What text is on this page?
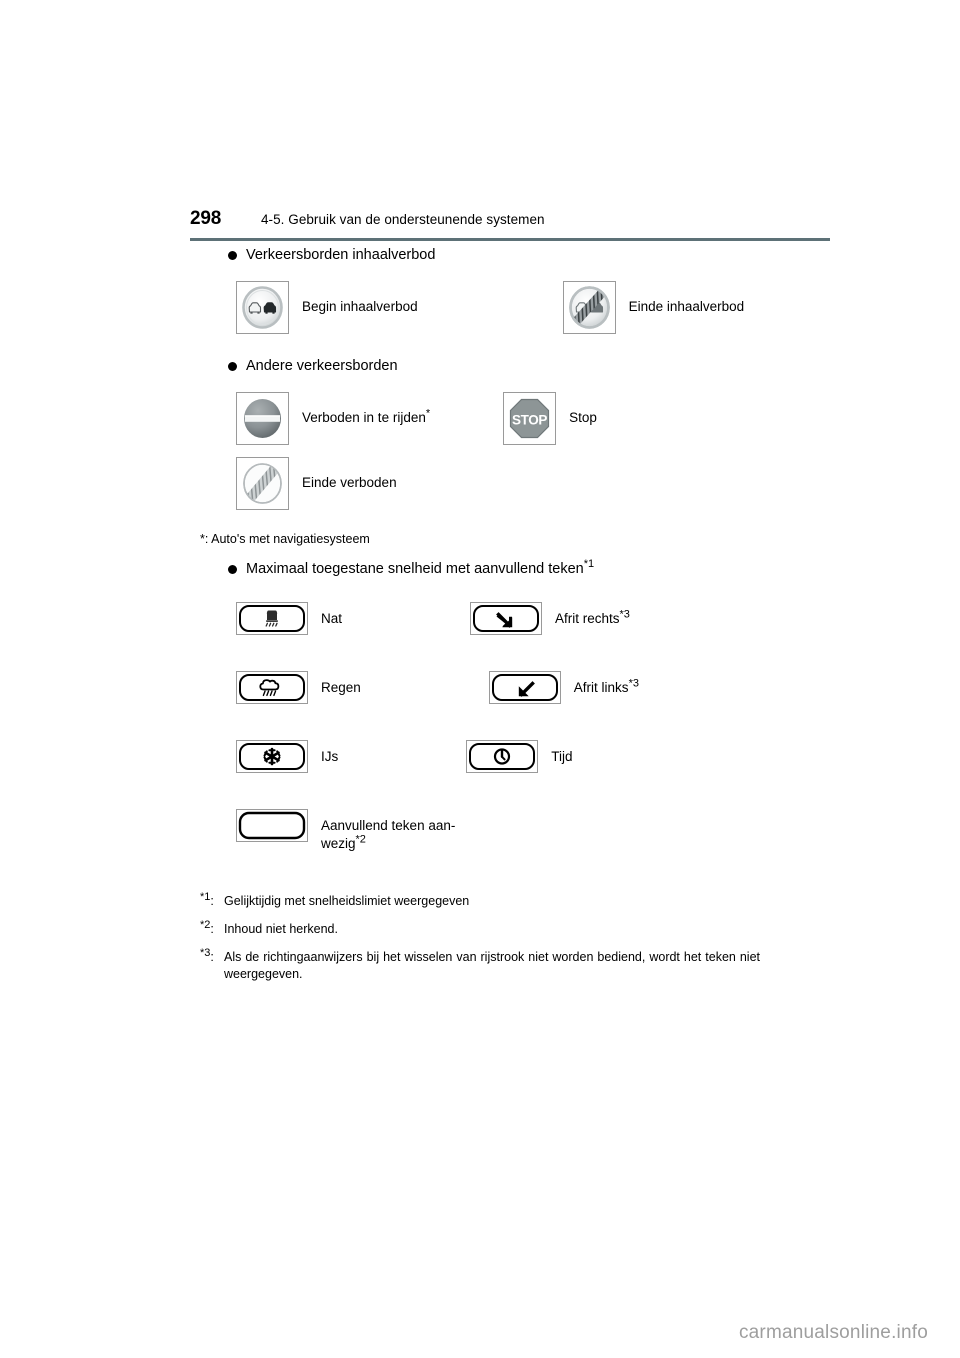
298	4-5. Gebruik van de ondersteunende systemen
Verkeersborden inhaalverbod
Begin inhaalverbod	Einde inhaalverbod
Andere verkeersborden
Verboden in te rijden*	STOP Stop
Einde verboden
*: Auto's met navigatiesysteem
Maximaal toegestane snelheid met aanvullend teken$^{*1}$
Nat	Afrit rechts$^{*3}$
Regen	Afrit links$^{*3}$
IJs	Tijd
Aanvullend teken aan-
wezig$^{*2}$
$^{*1}$: Gelijktijdig met snelheidslimiet weergegeven
$^{*2}$: Inhoud niet herkend.
$^{*3}$: Als de richtingaanwijzers bij het wisselen van rijstrook niet worden bediend, wordt het teken niet weergegeven.
carmanualsonline.info
